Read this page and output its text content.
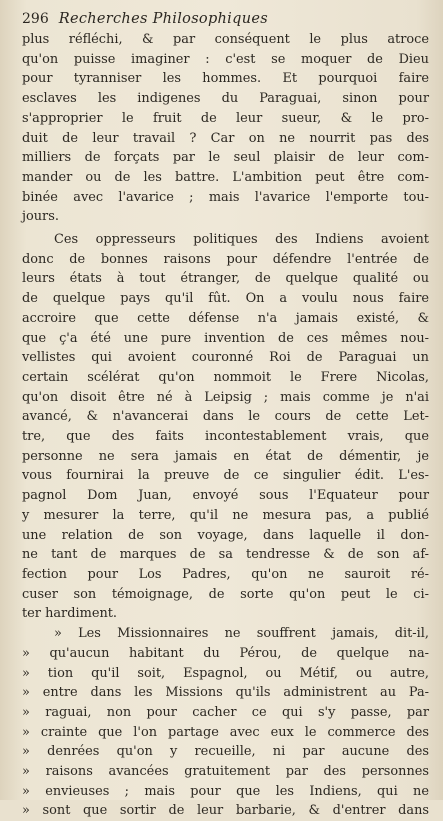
296 Recherches Philosophiques
plus réfléchi, & par conséquent le plus atroce
qu'on puisse imaginer : c'est se moquer de Dieu
pour tyranniser les hommes. Et pourquoi faire
esclaves les indigenes du Paraguai, sinon pour
s'approprier le fruit de leur sueur, & le pro-
duit de leur travail ? Car on ne nourrit pas des
milliers de forçats par le seul plaisir de leur com-
mander ou de les battre. L'ambition peut être com-
binée avec l'avarice ; mais l'avarice l'emporte tou-
jours.
Ces oppresseurs politiques des Indiens avoient
donc de bonnes raisons pour défendre l'entrée de
leurs états à tout étranger, de quelque qualité ou
de quelque pays qu'il fût. On a voulu nous faire
accroire que cette défense n'a jamais existé, &
que ç'a été une pure invention de ces mêmes nou-
vellistes qui avoient couronné Roi de Paraguai un
certain scélérat qu'on nommoit le Frere Nicolas,
qu'on disoit être né à Leipsig ; mais comme je n'ai
avancé, & n'avancerai dans le cours de cette Let-
tre, que des faits incontestablement vrais, que
personne ne sera jamais en état de démentir, je
vous fournirai la preuve de ce singulier édit. L'es-
pagnol Dom Juan, envoyé sous l'Equateur pour
y mesurer la terre, qu'il ne mesura pas, a publié
une relation de son voyage, dans laquelle il don-
ne tant de marques de sa tendresse & de son af-
fection pour Los Padres, qu'on ne sauroit ré-
cuser son témoignage, de sorte qu'on peut le ci-
ter hardiment.
» Les Missionnaires ne souffrent jamais, dit-il,
» qu'aucun habitant du Pérou, de quelque na-
» tion qu'il soit, Espagnol, ou Métif, ou autre,
» entre dans les Missions qu'ils administrent au Pa-
» raguai, non pour cacher ce qui s'y passe, par
» crainte que l'on partage avec eux le commerce des
» denrées qu'on y recueille, ni par aucune des
» raisons avancées gratuitement par des personnes
» envieuses ; mais pour que les Indiens, qui ne
» sont que sortir de leur barbarie, & d'entrer dans
